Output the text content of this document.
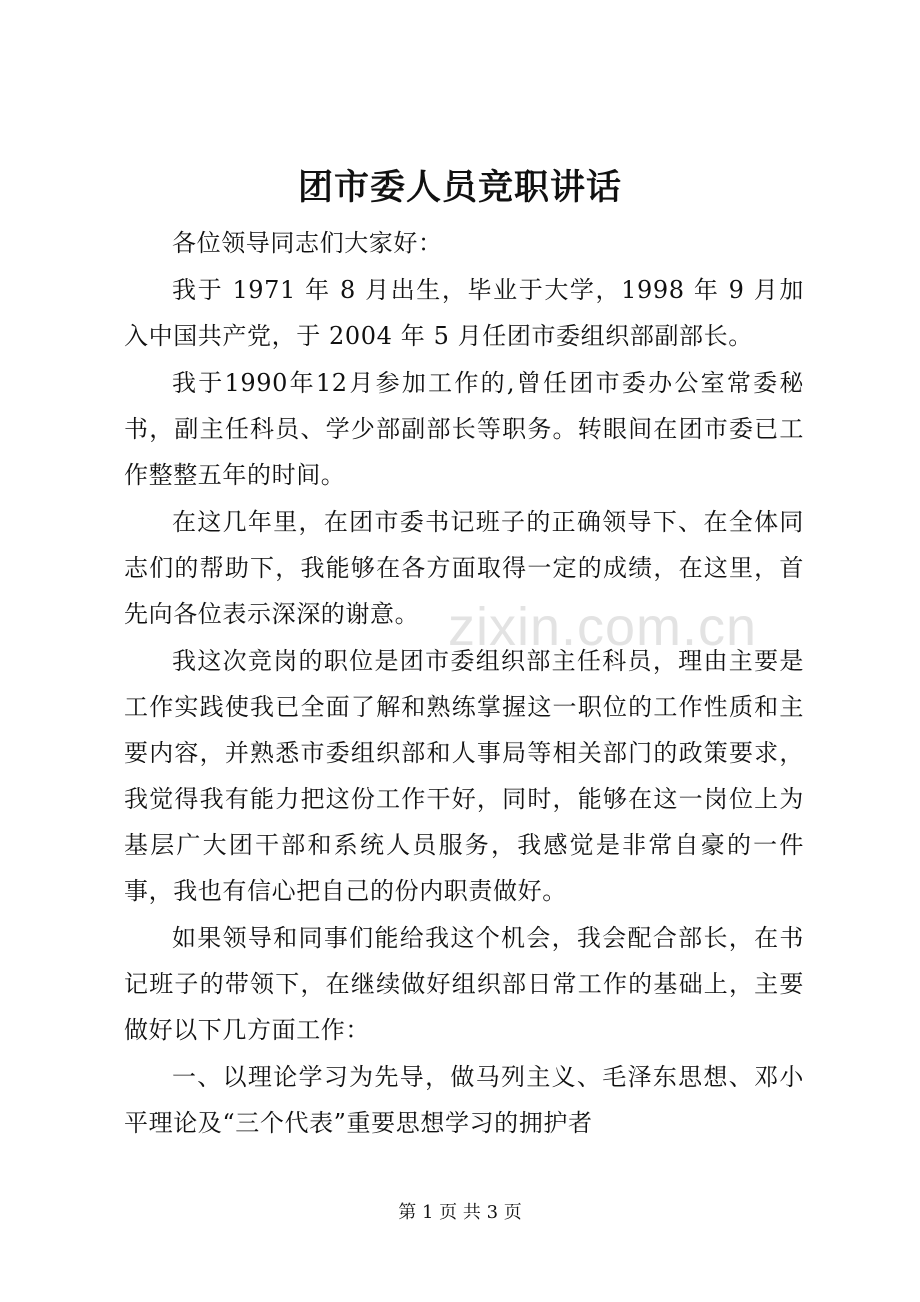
团市委人员竞职讲话
zixin.com.cn

各位领导同志们大家好：

我于 1971 年 8 月出生，毕业于大学，1998 年 9 月加入中国共产党，于 2004 年 5 月任团市委组织部副部长。

我于1990年12月参加工作的,曾任团市委办公室常委秘书，副主任科员、学少部副部长等职务。转眼间在团市委已工作整整五年的时间。

在这几年里，在团市委书记班子的正确领导下、在全体同志们的帮助下，我能够在各方面取得一定的成绩，在这里，首先向各位表示深深的谢意。

我这次竞岗的职位是团市委组织部主任科员，理由主要是工作实践使我已全面了解和熟练掌握这一职位的工作性质和主要内容，并熟悉市委组织部和人事局等相关部门的政策要求，我觉得我有能力把这份工作干好，同时，能够在这一岗位上为基层广大团干部和系统人员服务，我感觉是非常自豪的一件事，我也有信心把自己的份内职责做好。

如果领导和同事们能给我这个机会，我会配合部长，在书记班子的带领下，在继续做好组织部日常工作的基础上，主要做好以下几方面工作：

一、以理论学习为先导，做马列主义、毛泽东思想、邓小平理论及“三个代表”重要思想学习的拥护者

第 1 页 共 3 页
